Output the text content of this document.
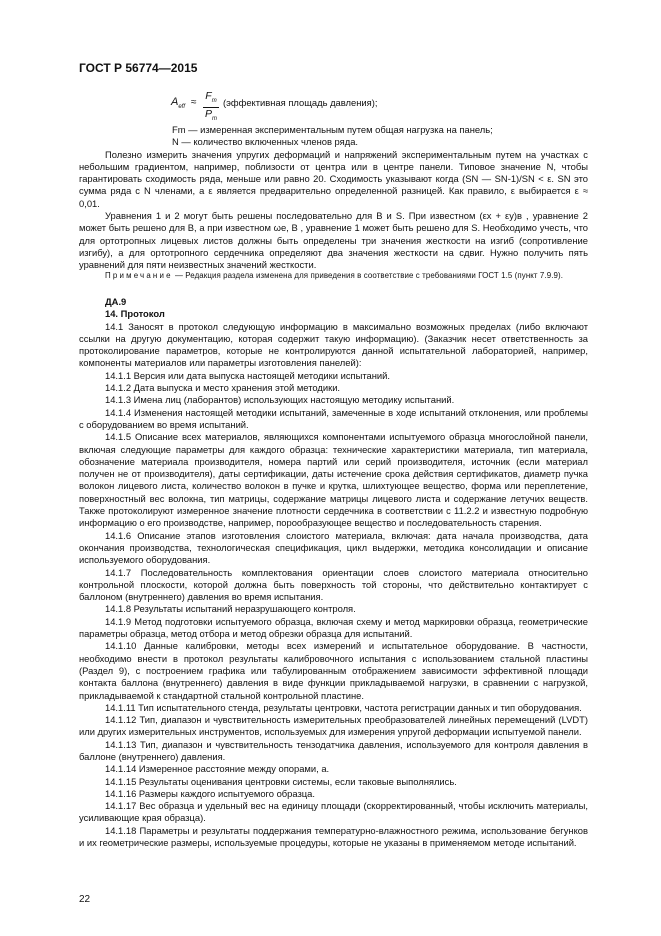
ГОСТ Р 56774—2015
$A_{eff} \approx \frac{F_m}{P_m}$ (эффективная площадь давления);

Fm — измеренная экспериментальным путем общая нагрузка на панель;

N — количество включенных членов ряда.

Полезно измерить значения упругих деформаций и напряжений экспериментальным путем на участках с небольшим градиентом, например, поблизости от центра или в центре панели. Типовое значение N, чтобы гарантировать сходимость ряда, меньше или равно 20. Сходимость указывают когда (SN — SN-1)/SN < ε. SN это сумма ряда с N членами, а ε является предварительно определенной разницей. Как правило, ε выбирается ε ≈ 0,01.

Уравнения 1 и 2 могут быть решены последовательно для B и S. При известном (εx + εy)в , уравнение 2 может быть решено для B, а при известном ωe, B , уравнение 1 может быть решено для S. Необходимо учесть, что для ортотропных лицевых листов должны быть определены три значения жесткости на изгиб (сопротивление изгибу), а для ортотропного сердечника определяют два значения жесткости на сдвиг. Нужно получить пять уравнений для пяти неизвестных значений жесткости.

Примечание — Редакция раздела изменена для приведения в соответствие с требованиями ГОСТ 1.5 (пункт 7.9.9).

ДА.9

14. Протокол

14.1 Заносят в протокол следующую информацию в максимально возможных пределах (либо включают ссылки на другую документацию, которая содержит такую информацию). (Заказчик несет ответственность за протоколирование параметров, которые не контролируются данной испытательной лабораторией, например, компоненты материалов или параметры изготовления панелей):

14.1.1 Версия или дата выпуска настоящей методики испытаний.

14.1.2 Дата выпуска и место хранения этой методики.

14.1.3 Имена лиц (лаборантов) использующих настоящую методику испытаний.

14.1.4 Изменения настоящей методики испытаний, замеченные в ходе испытаний отклонения, или проблемы с оборудованием во время испытаний.

14.1.5 Описание всех материалов, являющихся компонентами испытуемого образца многослойной панели, включая следующие параметры для каждого образца: технические характеристики материала, тип материала, обозначение материала производителя, номера партий или серий производителя, источник (если материал получен не от производителя), даты сертификации, даты истечение срока действия сертификатов, диаметр пучка волокон лицевого листа, количество волокон в пучке и крутка, шлихтующее вещество, форма или переплетение, поверхностный вес волокна, тип матрицы, содержание матрицы лицевого листа и содержание летучих веществ. Также протоколируют измеренное значение плотности сердечника в соответствии с 11.2.2 и известную подробную информацию о его производстве, например, порообразующее вещество и последовательность старения.

14.1.6 Описание этапов изготовления слоистого материала, включая: дата начала производства, дата окончания производства, технологическая спецификация, цикл выдержки, методика консолидации и описание используемого оборудования.

14.1.7 Последовательность комплектования ориентации слоев слоистого материала относительно контрольной плоскости, которой должна быть поверхность той стороны, что действительно контактирует с баллоном (внутреннего) давления во время испытания.

14.1.8 Результаты испытаний неразрушающего контроля.

14.1.9 Метод подготовки испытуемого образца, включая схему и метод маркировки образца, геометрические параметры образца, метод отбора и метод обрезки образца для испытаний.

14.1.10 Данные калибровки, методы всех измерений и испытательное оборудование. В частности, необходимо внести в протокол результаты калибровочного испытания с использованием стальной пластины (Раздел 9), с построением графика или табулированным отображением зависимости эффективной площади контакта баллона (внутреннего) давления в виде функции прикладываемой нагрузки, в сравнении с нагрузкой, прикладываемой к стандартной стальной контрольной пластине.

14.1.11 Тип испытательного стенда, результаты центровки, частота регистрации данных и тип оборудования.

14.1.12 Тип, диапазон и чувствительность измерительных преобразователей линейных перемещений (LVDT) или других измерительных инструментов, используемых для измерения упругой деформации испытуемой панели.

14.1.13 Тип, диапазон и чувствительность тензодатчика давления, используемого для контроля давления в баллоне (внутреннего) давления.

14.1.14 Измеренное расстояние между опорами, a.

14.1.15 Результаты оценивания центровки системы, если таковые выполнялись.

14.1.16 Размеры каждого испытуемого образца.

14.1.17 Вес образца и удельный вес на единицу площади (скорректированный, чтобы исключить материалы, усиливающие края образца).

14.1.18 Параметры и результаты поддержания температурно-влажностного режима, использование бегунков и их геометрические размеры, используемые процедуры, которые не указаны в применяемом методе испытаний.

22
